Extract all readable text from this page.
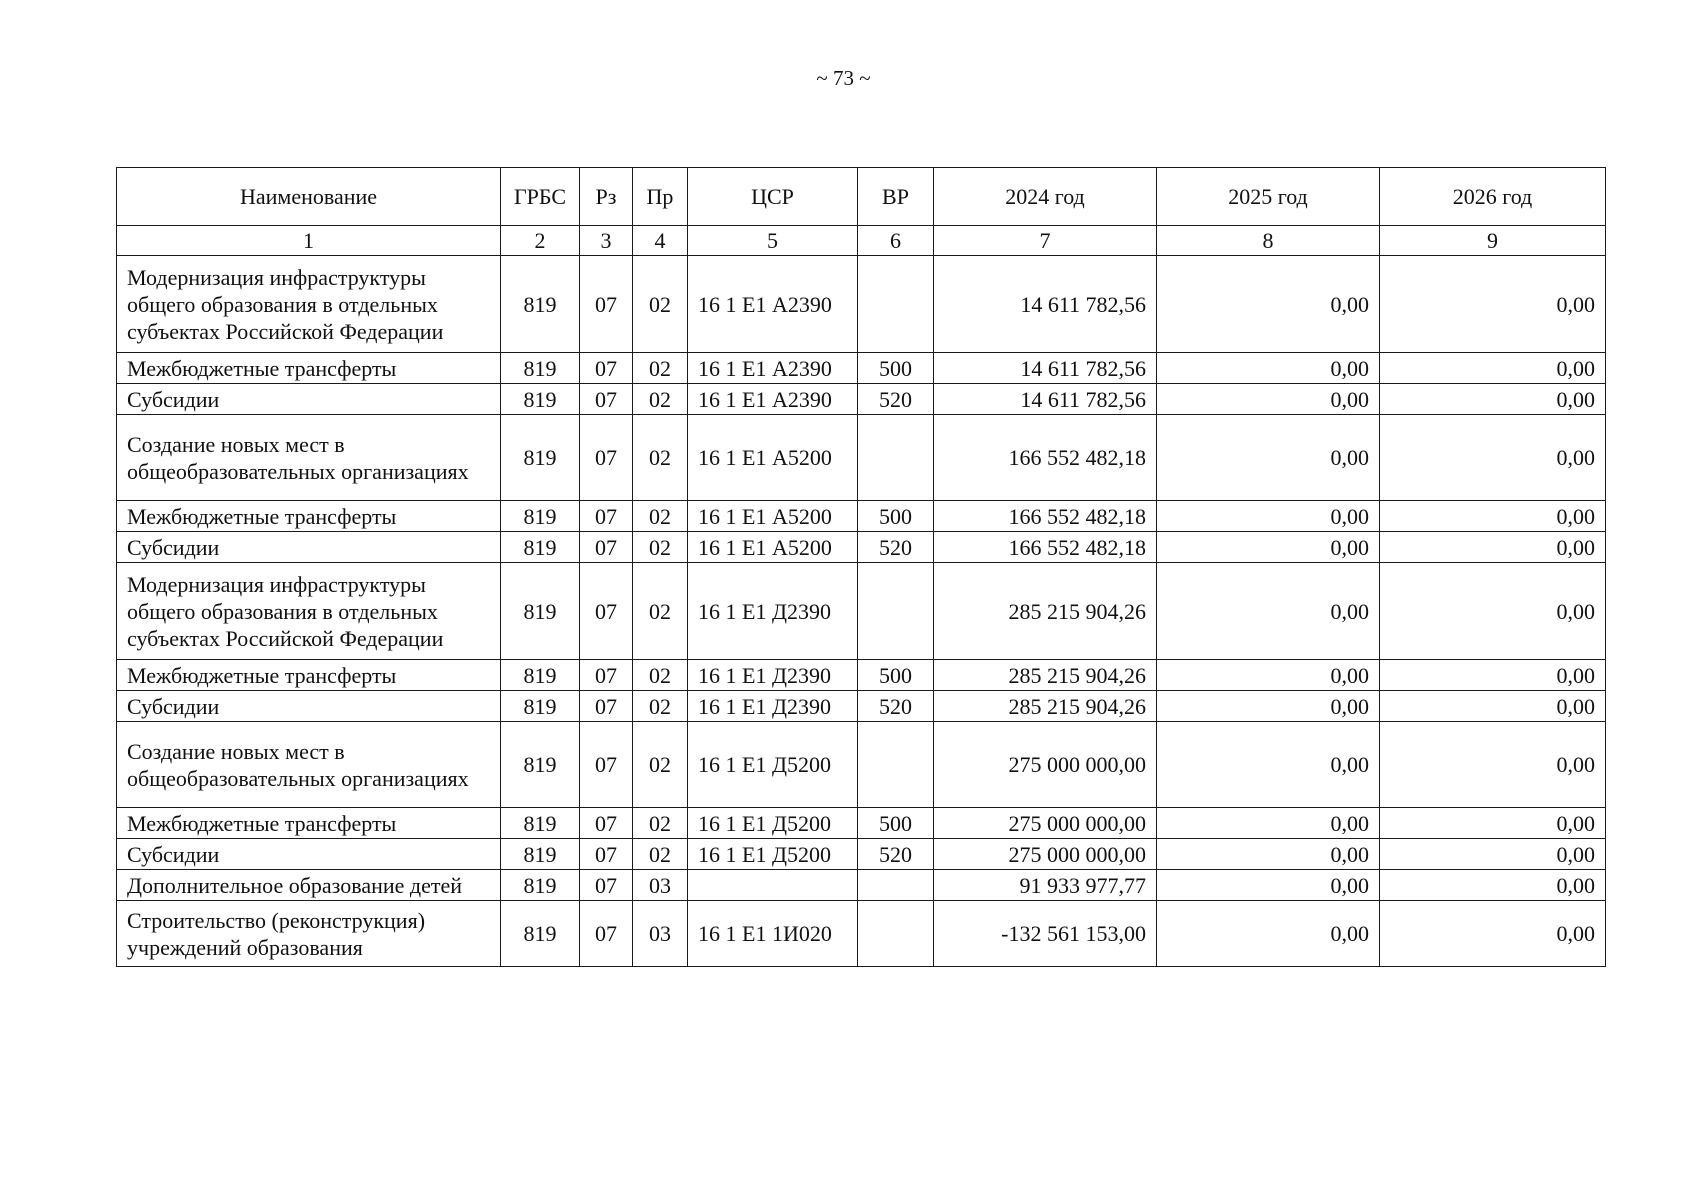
~ 73 ~
Наименование	ГРБС	Рз	Пр	ЦСР	ВР	2024 год	2025 год	2026 год
1	2	3	4	5	6	7	8	9
Модернизация инфраструктуры общего образования в отдельных субъектах Российской Федерации	819	07	02	16 1 Е1 А2390		14 611 782,56	0,00	0,00
Межбюджетные трансферты	819	07	02	16 1 Е1 А2390	500	14 611 782,56	0,00	0,00
Субсидии	819	07	02	16 1 Е1 А2390	520	14 611 782,56	0,00	0,00
Создание новых мест в общеобразовательных организациях	819	07	02	16 1 Е1 А5200		166 552 482,18	0,00	0,00
Межбюджетные трансферты	819	07	02	16 1 Е1 А5200	500	166 552 482,18	0,00	0,00
Субсидии	819	07	02	16 1 Е1 А5200	520	166 552 482,18	0,00	0,00
Модернизация инфраструктуры общего образования в отдельных субъектах Российской Федерации	819	07	02	16 1 Е1 Д2390		285 215 904,26	0,00	0,00
Межбюджетные трансферты	819	07	02	16 1 Е1 Д2390	500	285 215 904,26	0,00	0,00
Субсидии	819	07	02	16 1 Е1 Д2390	520	285 215 904,26	0,00	0,00
Создание новых мест в общеобразовательных организациях	819	07	02	16 1 Е1 Д5200		275 000 000,00	0,00	0,00
Межбюджетные трансферты	819	07	02	16 1 Е1 Д5200	500	275 000 000,00	0,00	0,00
Субсидии	819	07	02	16 1 Е1 Д5200	520	275 000 000,00	0,00	0,00
Дополнительное образование детей	819	07	03			91 933 977,77	0,00	0,00
Строительство (реконструкция) учреждений образования	819	07	03	16 1 Е1 1И020		-132 561 153,00	0,00	0,00
